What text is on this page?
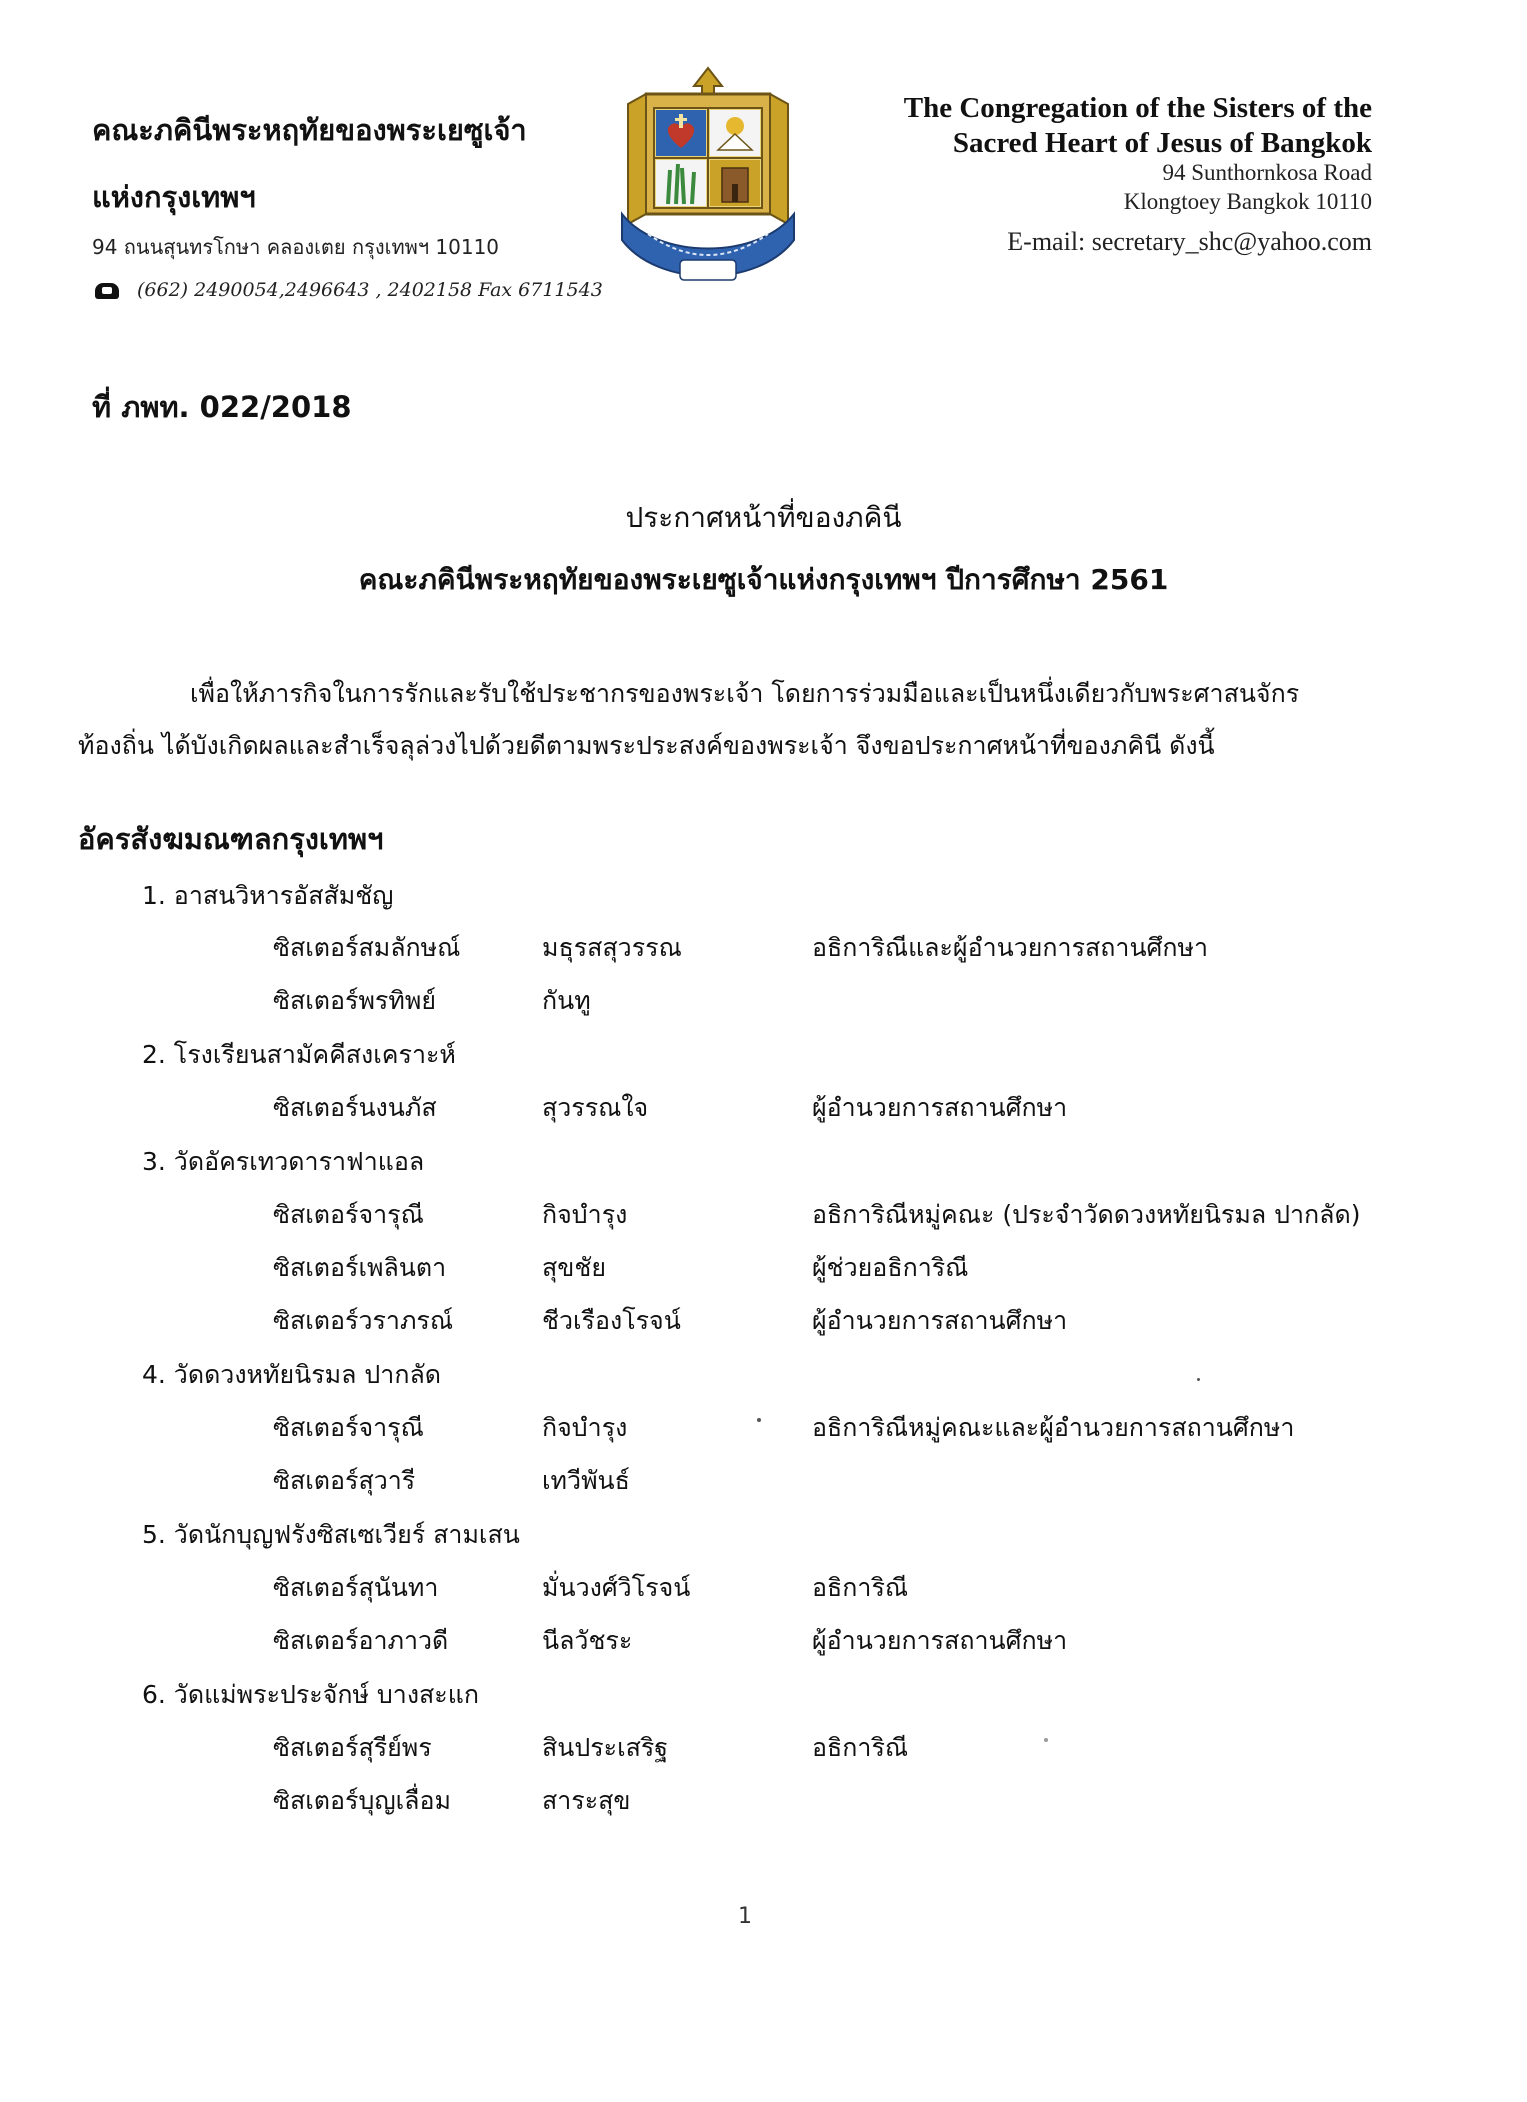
คณะภคินีพระหฤทัยของพระเยซูเจ้า
แห่งกรุงเทพฯ
94 ถนนสุนทรโกษา คลองเตย กรุงเทพฯ 10110
(662) 2490054,2496643 , 2402158 Fax 6711543
The Congregation of the Sisters of the
Sacred Heart of Jesus of Bangkok
94 Sunthornkosa Road
Klongtoey Bangkok 10110
E-mail: secretary_shc@yahoo.com
ที่ ภพท. 022/2018
ประกาศหน้าที่ของภคินี
คณะภคินีพระหฤทัยของพระเยซูเจ้าแห่งกรุงเทพฯ ปีการศึกษา 2561
เพื่อให้ภารกิจในการรักและรับใช้ประชากรของพระเจ้า โดยการร่วมมือและเป็นหนึ่งเดียวกับพระศาสนจักร
ท้องถิ่น ได้บังเกิดผลและสำเร็จลุล่วงไปด้วยดีตามพระประสงค์ของพระเจ้า จึงขอประกาศหน้าที่ของภคินี ดังนี้
อัครสังฆมณฑลกรุงเทพฯ
1. อาสนวิหารอัสสัมชัญ
ซิสเตอร์สมลักษณ์	มธุรสสุวรรณ	อธิการิณีและผู้อำนวยการสถานศึกษา
ซิสเตอร์พรทิพย์	กันทู
2. โรงเรียนสามัคคีสงเคราะห์
ซิสเตอร์นงนภัส	สุวรรณใจ	ผู้อำนวยการสถานศึกษา
3. วัดอัครเทวดาราฟาแอล
ซิสเตอร์จารุณี	กิจบำรุง	อธิการิณีหมู่คณะ (ประจำวัดดวงหทัยนิรมล ปากลัด)
ซิสเตอร์เพลินตา	สุขชัย	ผู้ช่วยอธิการิณี
ซิสเตอร์วราภรณ์	ชีวเรืองโรจน์	ผู้อำนวยการสถานศึกษา
4. วัดดวงหทัยนิรมล ปากลัด
ซิสเตอร์จารุณี	กิจบำรุง	อธิการิณีหมู่คณะและผู้อำนวยการสถานศึกษา
ซิสเตอร์สุวารี	เทวีพันธ์
5. วัดนักบุญฟรังซิสเซเวียร์ สามเสน
ซิสเตอร์สุนันทา	มั่นวงศ์วิโรจน์	อธิการิณี
ซิสเตอร์อาภาวดี	นีลวัชระ	ผู้อำนวยการสถานศึกษา
6. วัดแม่พระประจักษ์ บางสะแก
ซิสเตอร์สุรีย์พร	สินประเสริฐ	อธิการิณี
ซิสเตอร์บุญเลื่อม	สาระสุข
1
